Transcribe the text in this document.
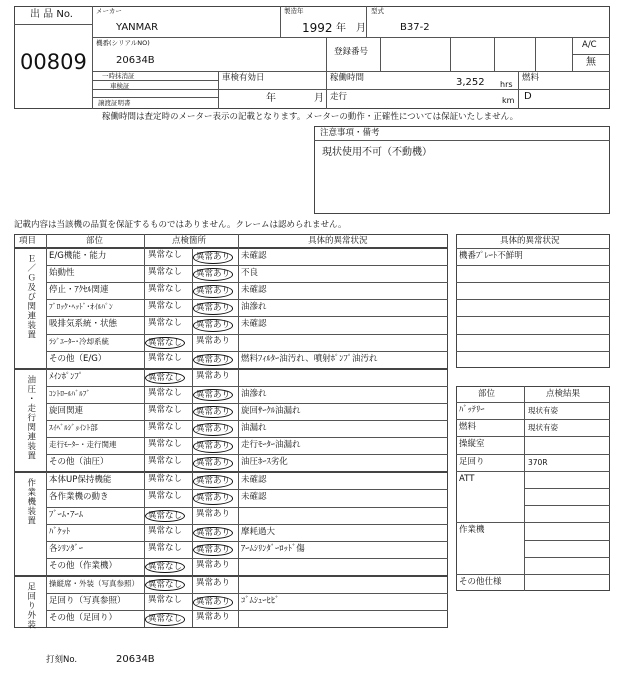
出 品 No.
00809
メーカー
YANMAR
製造年
1992 年 月
型式
B37-2
機番(シリアルNO)
20634B
登録番号
A/C
無
一時抹消証
車検証
譲渡証明書
車検有効日
年	月
稼働時間	3,252 hrs
走行	km
燃料
D
稼働時間は査定時のメーター表示の記載となります。メーターの動作・正確性については保証いたしません。
注意事項・備考
現状使用不可（不動機）
記載内容は当該機の品質を保証するものではありません。クレームは認められません。
項目	部位	点検箇所	具体的異常状況
Ｅ／Ｇ及び関連装置 E/G機能・能力	異常なし	異常あり	未確認
始動性	異常なし	異常あり	不良
停止・ｱｸｾﾙ関連	異常なし	異常あり	未確認
ﾌﾞﾛｯｸ･ﾍｯﾄﾞ･ｵｲﾙﾊﾟﾝ	異常なし	異常あり	油滲れ
吸排気系統・状態	異常なし	異常あり	未確認
ﾗｼﾞｴｰﾀｰ･冷却系統	異常なし	異常あり
その他（E/G）	異常なし	異常あり	燃料ﾌｨﾙﾀｰ油汚れ、噴射ﾎﾟﾝﾌﾟ油汚れ
油圧・走行関連装置 ﾒｲﾝﾎﾟﾝﾌﾟ	異常なし	異常あり
ｺﾝﾄﾛｰﾙﾊﾞﾙﾌﾞ	異常なし	異常あり	油滲れ
旋回関連	異常なし	異常あり	旋回ｻｰｸﾙ油漏れ
ｽｲﾍﾞﾙｼﾞｮｲﾝﾄ部	異常なし	異常あり	油漏れ
走行ﾓｰﾀｰ・走行関連	異常なし	異常あり	走行ﾓｰﾀｰ油漏れ
その他（油圧）	異常なし	異常あり	油圧ﾎｰｽ劣化
作業機装置 本体UP保持機能	異常なし	異常あり	未確認
各作業機の動き	異常なし	異常あり	未確認
ﾌﾞｰﾑ･ｱｰﾑ	異常なし	異常あり
ﾊﾞｹｯﾄ	異常なし	異常あり	摩耗過大
各ｼﾘﾝﾀﾞｰ	異常なし	異常あり	ｱｰﾑｼﾘﾝﾀﾞｰﾛｯﾄﾞ傷
その他（作業機）	異常なし	異常あり
足回り外装 操縦席・外装（写真参照）	異常なし	異常あり
足回り（写真参照）	異常なし	異常あり	ｺﾞﾑｼｭｰﾋﾋﾞ
その他（足回り）	異常なし	異常あり
具体的異常状況
機番ﾌﾟﾚｰﾄ不鮮明
部位	点検結果
ﾊﾞｯﾃﾘｰ	現状有姿
燃料	現状有姿
操縦室
足回り	370R
ATT
作業機
その他仕様
打刻No.	20634B
